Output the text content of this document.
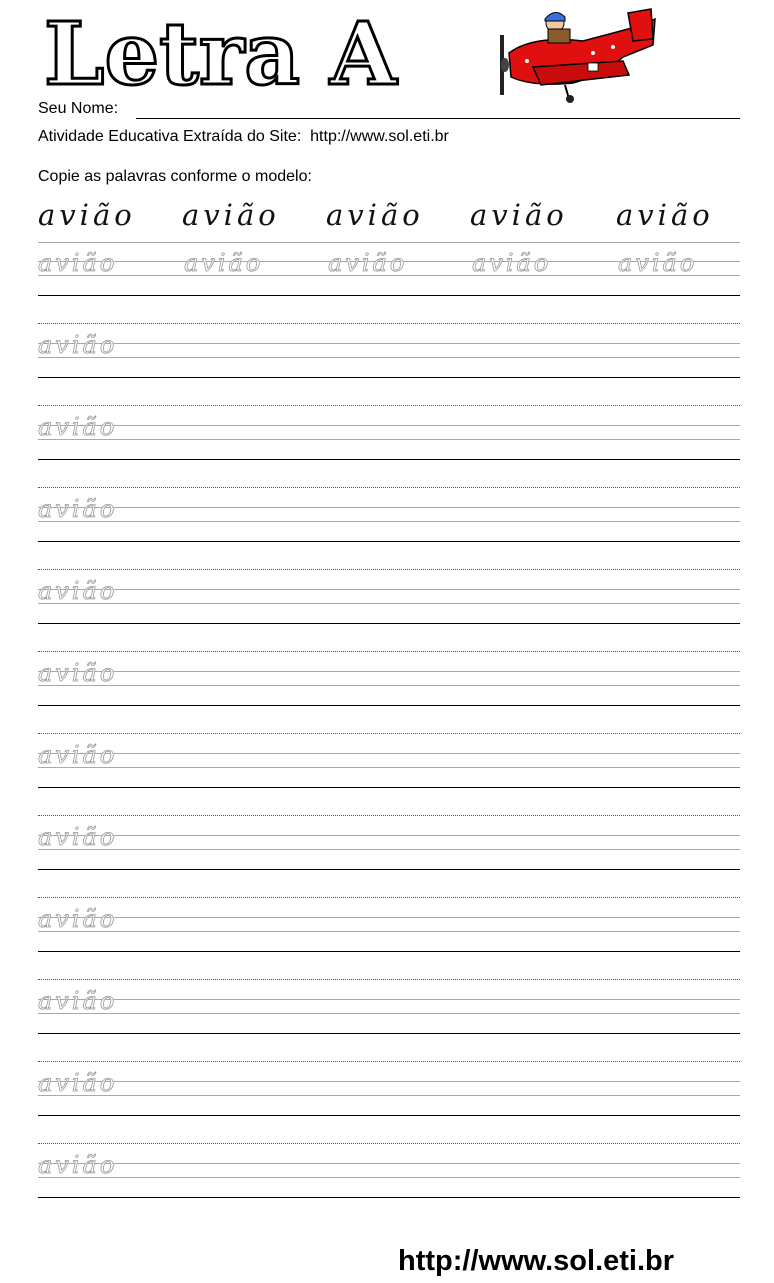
Letra A
Seu Nome:
Atividade Educativa Extraída do Site:  http://www.sol.eti.br
Copie as palavras conforme o modelo:
avião avião avião avião avião
avião	avião	avião	avião	avião
avião
avião
avião
avião
avião
avião
avião
avião
avião
avião
avião
http://www.sol.eti.br
